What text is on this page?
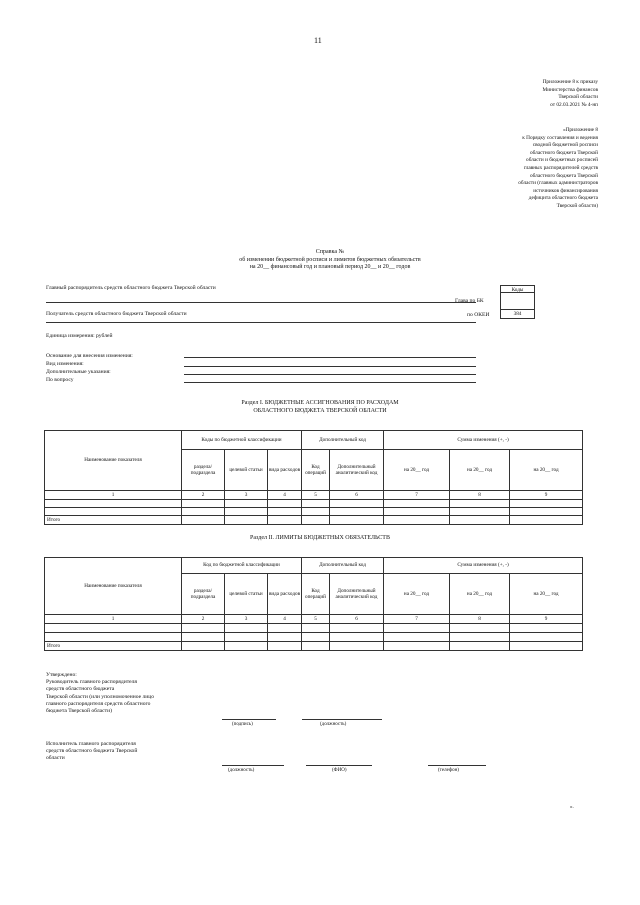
11
Приложение 8 к приказу
Министерства финансов
Тверской области
от 02.03.2021 № 4-нп
«Приложение 8
к Порядку составления и ведения
сводной бюджетной росписи
областного бюджета Тверской
области и бюджетных росписей
главных распорядителей средств
областного бюджета Тверской
области (главных администраторов
источников финансирования
дефицита областного бюджета
Тверской области)
Справка №
об изменении бюджетной росписи и лимитов бюджетных обязательств
на 20__ финансовый год и плановый период 20__ и 20__ годов
Главный распорядитель средств областного бюджета Тверской области
Получатель средств областного бюджета Тверской области
Единица измерения: рублей
Основание для внесения изменения:
Вид изменения:
Дополнительные указания:
По вопросу
Коды
384
Глава по БК
по ОКЕИ
Раздел I. БЮДЖЕТНЫЕ АССИГНОВАНИЯ ПО РАСХОДАМ
ОБЛАСТНОГО БЮДЖЕТА ТВЕРСКОЙ ОБЛАСТИ
Наименование показателя	Коды по бюджетной классификации			Дополнительный код		Сумма изменения (+, -)		
	раздела/ подраздела	целевой статьи	вида расходов	Код операций	Дополнительный аналитический код	на 20__ год	на 20__ год	на 20__ год
1	2	3	4	5	6	7	8	9

Итого								
Раздел II. ЛИМИТЫ БЮДЖЕТНЫХ ОБЯЗАТЕЛЬСТВ
Наименование показателя	Код по бюджетной классификации			Дополнительный код		Сумма изменения (+, -)		
	раздела/ подраздела	целевой статьи	вида расходов	Код операций	Дополнительный аналитический код	на 20__ год	на 20__ год	на 20__ год
1	2	3	4	5	6	7	8	9

Итого								
Утверждено:
Руководитель главного распорядителя
средств областного бюджета
Тверской области (или уполномоченное лицо
главного распорядителя средств областного
бюджета Тверской области)
(подпись)	(должность)
Исполнитель главного распорядителя
средств областного бюджета Тверской
области
(должность)	(ФИО)	(телефон)
».
